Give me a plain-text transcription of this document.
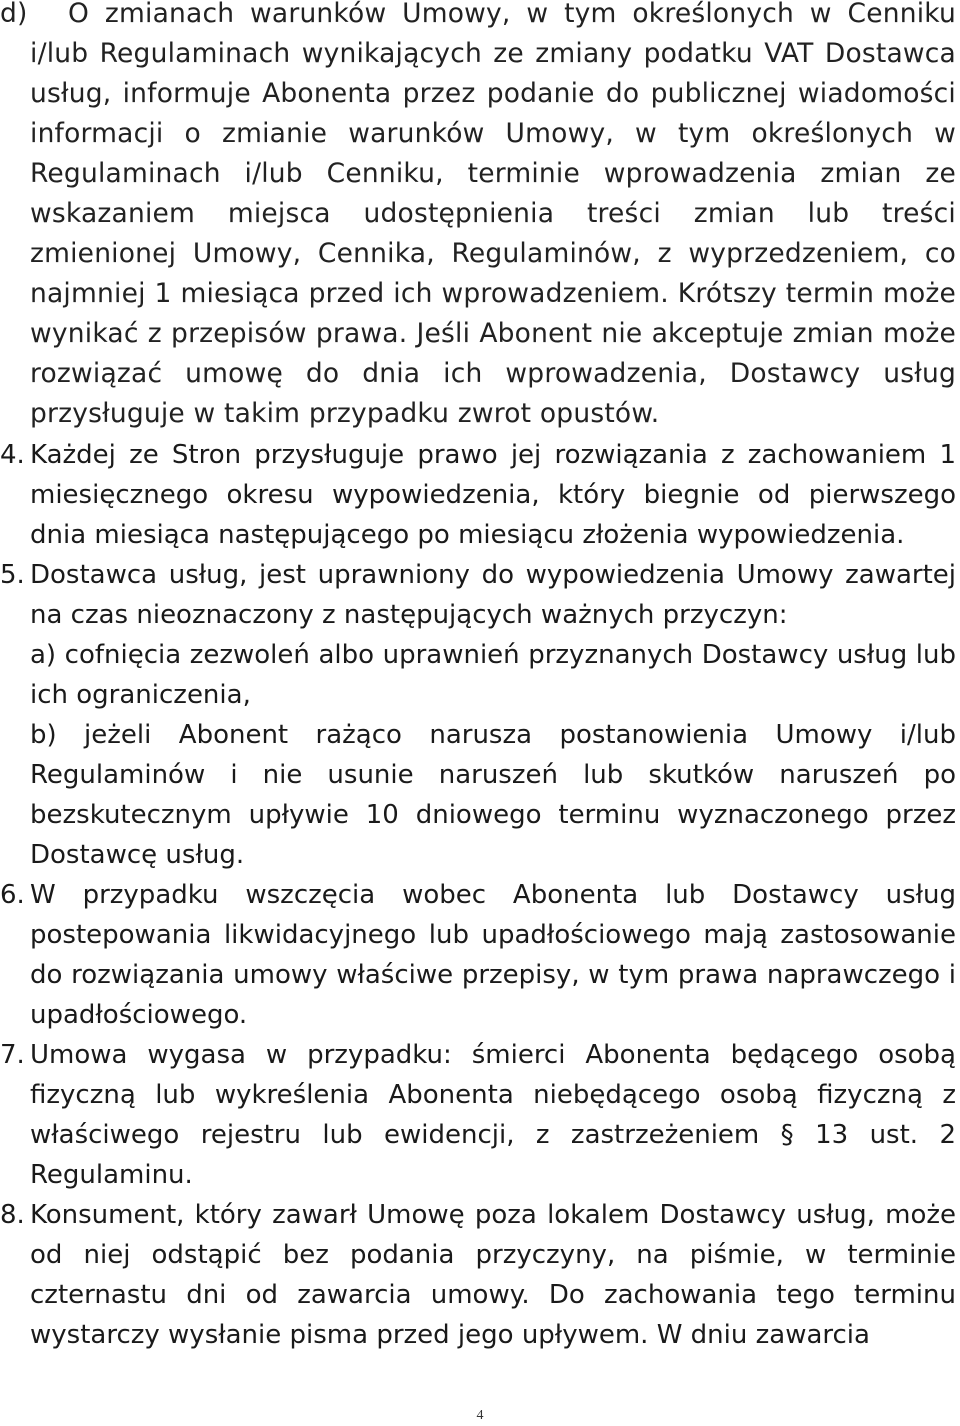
d)	O zmianach warunków Umowy, w tym określonych w Cenniku i/lub Regulaminach wynikających ze zmiany podatku VAT Dostawca usług, informuje Abonenta przez podanie do publicznej wiadomości informacji o zmianie warunków Umowy, w tym określonych w Regulaminach i/lub Cenniku, terminie wprowadzenia zmian ze wskazaniem miejsca udostępnienia treści zmian lub treści zmienionej Umowy, Cennika, Regulaminów, z wyprzedzeniem, co najmniej 1 miesiąca przed ich wprowadzeniem. Krótszy termin może wynikać z przepisów prawa. Jeśli Abonent nie akceptuje zmian może rozwiązać umowę do dnia ich wprowadzenia, Dostawcy usług przysługuje w takim przypadku zwrot opustów.
4. Każdej ze Stron przysługuje prawo jej rozwiązania z zachowaniem 1 miesięcznego okresu wypowiedzenia, który biegnie od pierwszego dnia miesiąca następującego po miesiącu złożenia wypowiedzenia.
5. Dostawca usług, jest uprawniony do wypowiedzenia Umowy zawartej na czas nieoznaczony z następujących ważnych przyczyn:
a) cofnięcia zezwoleń albo uprawnień przyznanych Dostawcy usług lub ich ograniczenia,
b) jeżeli Abonent rażąco narusza postanowienia Umowy i/lub Regulaminów i nie usunie naruszeń lub skutków naruszeń po bezskutecznym upływie 10 dniowego terminu wyznaczonego przez Dostawcę usług.
6. W przypadku wszczęcia wobec Abonenta lub Dostawcy usług postepowania likwidacyjnego lub upadłościowego mają zastosowanie do rozwiązania umowy właściwe przepisy, w tym prawa naprawczego i upadłościowego.
7. Umowa wygasa w przypadku: śmierci Abonenta będącego osobą fizyczną lub wykreślenia Abonenta niebędącego osobą fizyczną z właściwego rejestru lub ewidencji, z zastrzeżeniem § 13 ust. 2 Regulaminu.
8. Konsument, który zawarł Umowę poza lokalem Dostawcy usług, może od niej odstąpić bez podania przyczyny, na piśmie, w terminie czternastu dni od zawarcia umowy. Do zachowania tego terminu wystarczy wysłanie pisma przed jego upływem. W dniu zawarcia
4
